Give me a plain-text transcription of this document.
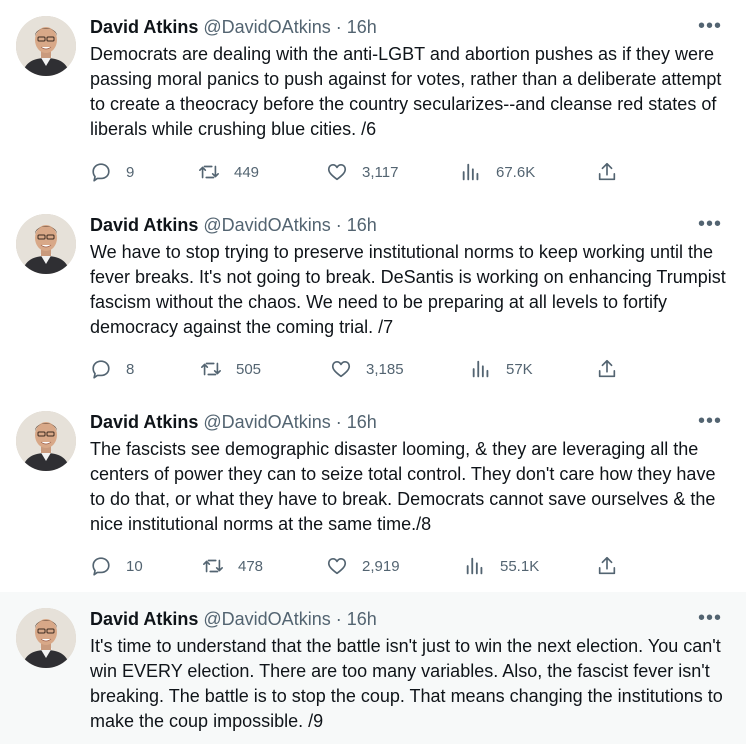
David Atkins @DavidOAtkins · 16h	•••
Democrats are dealing with the anti-LGBT and abortion pushes as if they were passing moral panics to push against for votes, rather than a deliberate attempt to create a theocracy before the country secularizes--and cleanse red states of liberals while crushing blue cities. /6
9	449	3,117	67.6K
David Atkins @DavidOAtkins · 16h	•••
We have to stop trying to preserve institutional norms to keep working until the fever breaks. It's not going to break. DeSantis is working on enhancing Trumpist fascism without the chaos. We need to be preparing at all levels to fortify democracy against the coming trial. /7
8	505	3,185	57K
David Atkins @DavidOAtkins · 16h	•••
The fascists see demographic disaster looming, & they are leveraging all the centers of power they can to seize total control. They don't care how they have to do that, or what they have to break. Democrats cannot save ourselves & the nice institutional norms at the same time./8
10	478	2,919	55.1K
David Atkins @DavidOAtkins · 16h	•••
It's time to understand that the battle isn't just to win the next election. You can't win EVERY election. There are too many variables. Also, the fascist fever isn't breaking. The battle is to stop the coup. That means changing the institutions to make the coup impossible. /9
